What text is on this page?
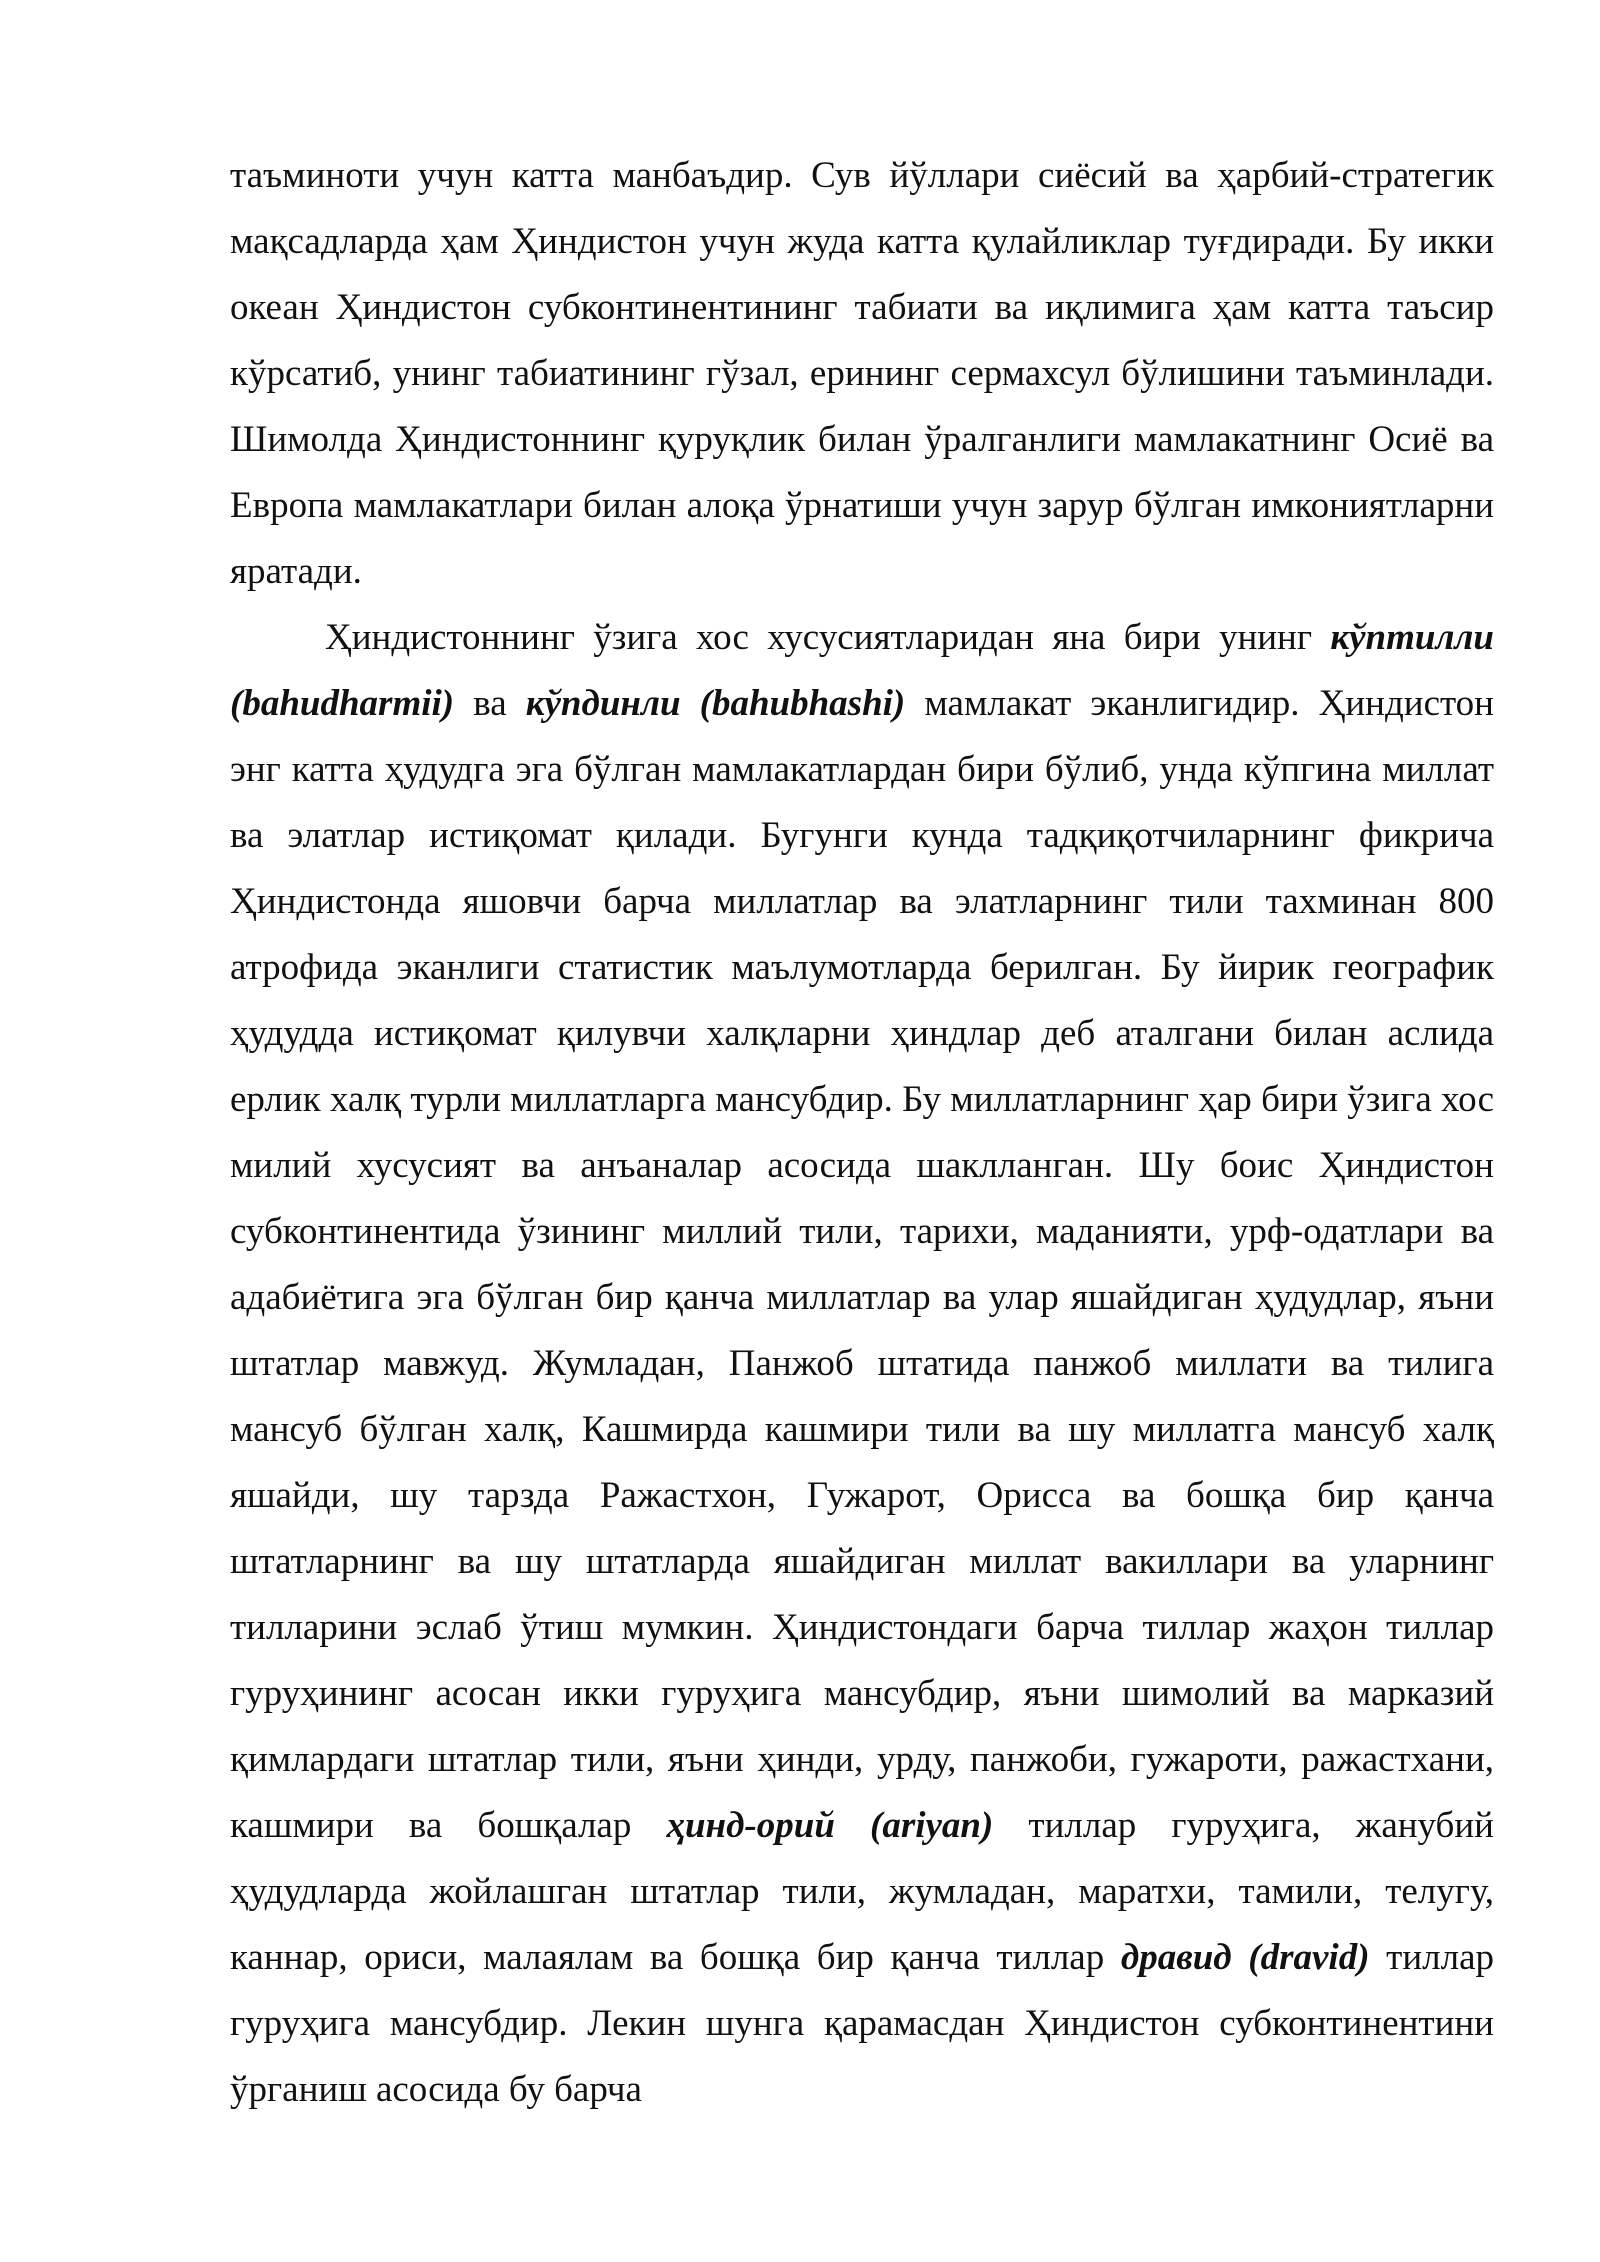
таъминоти учун катта манбаъдир. Сув йўллари сиёсий ва ҳарбий-стратегик мақсадларда ҳам Ҳиндистон учун жуда катта қулайликлар туғдиради. Бу икки океан Ҳиндистон субконтинентининг табиати ва иқлимига ҳам катта таъсир кўрсатиб, унинг табиатининг гўзал, ерининг сермахсул бўлишини таъминлади. Шимолда Ҳиндистоннинг қуруқлик билан ўралганлиги мамлакатнинг Осиё ва Европа мамлакатлари билан алоқа ўрнатиши учун зарур бўлган имкониятларни яратади.

Ҳиндистоннинг ўзига хос хусусиятларидан яна бири унинг кўптилли (bahudharmii) ва кўпдинли (bahubhashi) мамлакат эканлигидир. Ҳиндистон энг катта ҳудудга эга бўлган мамлакатлардан бири бўлиб, унда кўпгина миллат ва элатлар истиқомат қилади. Бугунги кунда тадқиқотчиларнинг фикрича Ҳиндистонда яшовчи барча миллатлар ва элатларнинг тили тахминан 800 атрофида эканлиги статистик маълумотларда берилган. Бу йирик географик ҳудудда истиқомат қилувчи халқларни ҳиндлар деб аталгани билан аслида ерлик халқ турли миллатларга мансубдир. Бу миллатларнинг ҳар бири ўзига хос милий хусусият ва анъаналар асосида шаклланган. Шу боис Ҳиндистон субконтинентида ўзининг миллий тили, тарихи, маданияти, урф-одатлари ва адабиётига эга бўлган бир қанча миллатлар ва улар яшайдиган ҳудудлар, яъни штатлар мавжуд. Жумладан, Панжоб штатида панжоб миллати ва тилига мансуб бўлган халқ, Кашмирда кашмири тили ва шу миллатга мансуб халқ яшайди, шу тарзда Ражастхон, Гужарот, Орисса ва бошқа бир қанча штатларнинг ва шу штатларда яшайдиган миллат вакиллари ва уларнинг тилларини эслаб ўтиш мумкин. Ҳиндистондаги барча тиллар жаҳон тиллар гуруҳининг асосан икки гуруҳига мансубдир, яъни шимолий ва марказий қимлардаги штатлар тили, яъни ҳинди, урду, панжоби, гужароти, ражастхани, кашмири ва бошқалар ҳинд-орий (ariyan) тиллар гуруҳига, жанубий ҳудудларда жойлашган штатлар тили, жумладан, маратхи, тамили, телугу, каннар, ориси, малаялам ва бошқа бир қанча тиллар дравид (dravid) тиллар гуруҳига мансубдир. Лекин шунга қарамасдан Ҳиндистон субконтинентини ўрганиш асосида бу барча
